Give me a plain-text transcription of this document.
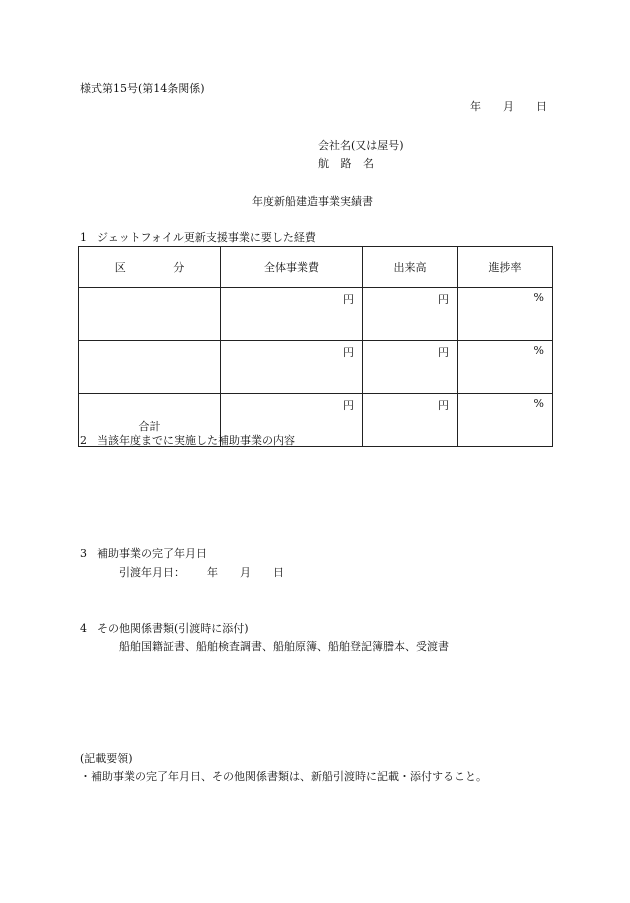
様式第15号(第14条関係)
年 月 日
会社名(又は屋号)
航 路 名
年度新船建造事業実績書
1 ジェットフォイル更新支援事業に要した経費
区 分	全体事業費	出来高	進捗率
	円	円	%
	円	円	%
合計	円	円	%
2 当該年度までに実施した補助事業の内容
3 補助事業の完了年月日
引渡年月日： 年 月 日
4 その他関係書類(引渡時に添付)
船舶国籍証書、船舶検査調書、船舶原簿、船舶登記簿謄本、受渡書
(記載要領)
・補助事業の完了年月日、その他関係書類は、新船引渡時に記載・添付すること。
